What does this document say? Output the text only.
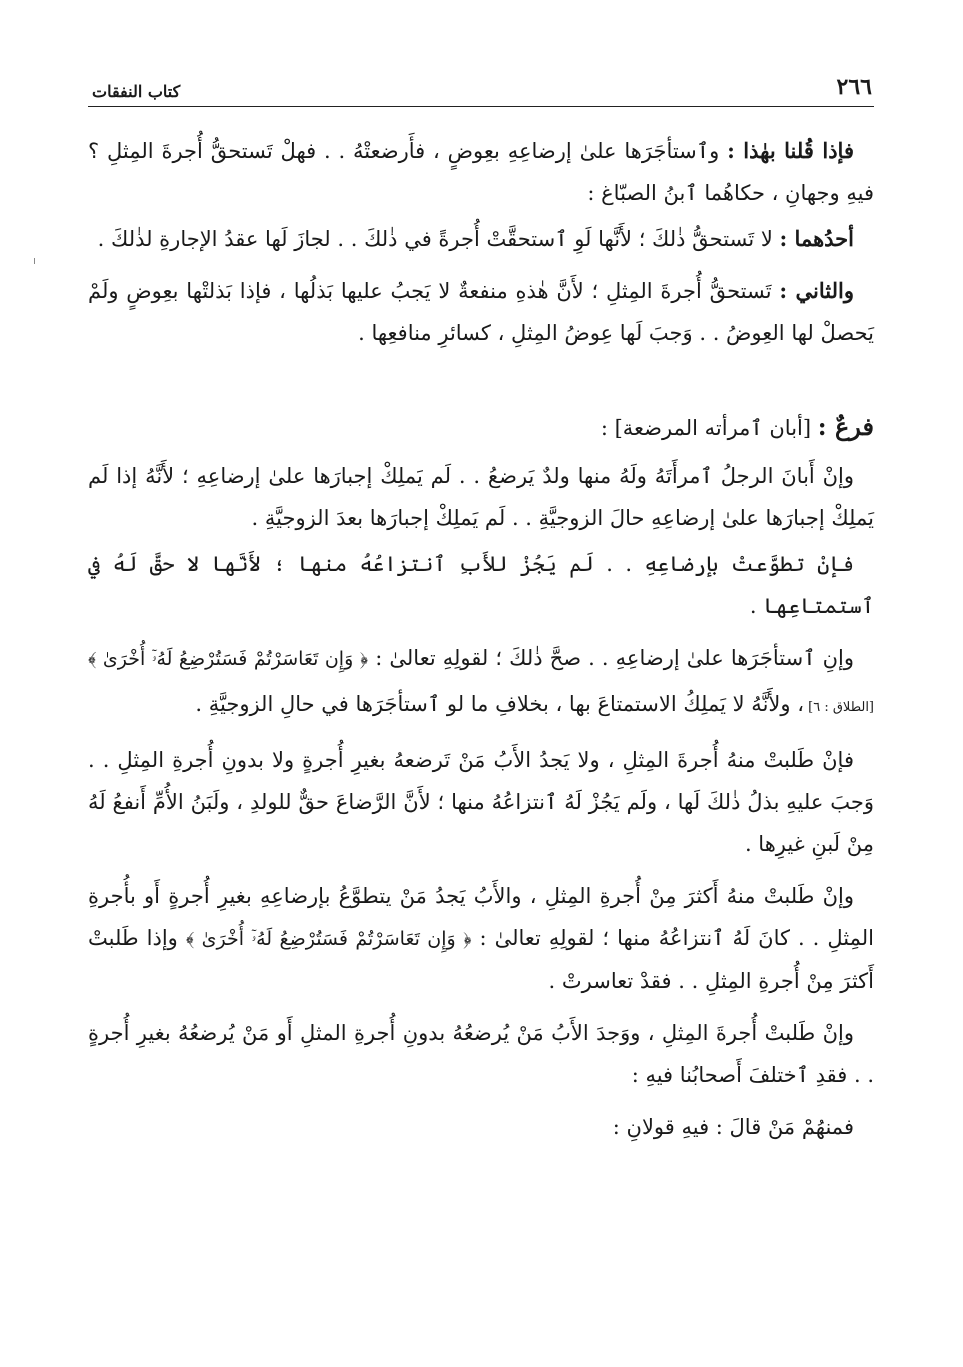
٢٦٦
كتاب النفقات

فإذا قُلنا بهٰذا : وٱستأجَرَها علىٰ إرضاعِهِ بعِوضٍ ، فأَرضعتْهُ . . فهلْ تَستحقُّ أُجرةَ المِثلِ ؟ فيهِ وجهانِ ، حكاهُما ٱبنُ الصبّاغ :

أحدُهما : لا تَستحقُّ ذٰلكَ ؛ لأَنَّها لَوِ ٱستحقَّتْ أُجرةً في ذٰلكَ . . لجازَ لَها عقدُ الإجارةِ لذٰلكَ .

والثاني : تَستحقُّ أُجرةَ المِثلِ ؛ لأَنَّ هٰذهِ منفعةٌ لا يَجبُ عليها بَذلُها ، فإذا بَذلتْها بعِوضٍ ولَمْ يَحصلْ لها العِوضُ . . وَجبَ لَها عِوضُ المِثلِ ، كسائرِ منافعِها .

فرعٌ : [أبان ٱمرأته المرضعة] :

وإنْ أَبانَ الرجلُ ٱمرأَتَهُ ولَهُ منها ولدٌ يَرضعُ . . لَم يَملِكْ إجبارَها علىٰ إرضاعِهِ ؛ لأَنَّهُ إذا لَم يَملِكْ إجبارَها علىٰ إرضاعِهِ حالَ الزوجيَّةِ . . لَم يَملِكْ إجبارَها بعدَ الزوجيَّةِ .

فإنْ تطوَّعتْ بإرضاعِهِ . . لَم يَجُزْ للأَبِ ٱنتزاعُهُ منها ؛ لأَنَّها لا حقَّ لَهُ في ٱستمتاعِها .

وإنِ ٱستأجَرَها علىٰ إرضاعِهِ . . صحَّ ذٰلكَ ؛ لقولِهِ تعالىٰ : ﴿ وَإِن تَعَاسَرْتُمْ فَسَتُرْضِعُ لَهُۥٓ أُخْرَىٰ ﴾ [الطلاق : ٦] ، ولأَنَّهُ لا يَملِكُ الاستمتاعَ بها ، بخلافِ ما لو ٱستأجَرَها في حالِ الزوجيَّةِ .

فإنْ طَلبتْ منهُ أُجرةَ المِثلِ ، ولا يَجدُ الأَبُ مَنْ تَرضعهُ بغيرِ أُجرةٍ ولا بدونِ أُجرةِ المِثلِ . . وَجبَ عليهِ بذلُ ذٰلكَ لَها ، ولَم يَجُزْ لَهُ ٱنتزاعُهُ منها ؛ لأَنَّ الرَّضاعَ حقٌّ للولدِ ، ولَبَنُ الأُمِّ أَنفعُ لَهُ مِنْ لَبنِ غيرِها .

وإنْ طَلبتْ منهُ أَكثرَ مِنْ أُجرةِ المِثلِ ، والأَبُ يَجدُ مَنْ يتطوَّعُ بإرضاعِهِ بغيرِ أُجرةٍ أَو بأُجرةِ المِثلِ . . كانَ لَهُ ٱنتزاعُهُ منها ؛ لقولِهِ تعالىٰ : ﴿ وَإِن تَعَاسَرْتُمْ فَسَتُرْضِعُ لَهُۥٓ أُخْرَىٰ ﴾ وإذا طَلبتْ أَكثرَ مِنْ أُجرةِ المِثلِ . . فقدْ تعاسرتْ .

وإنْ طَلبتْ أُجرةَ المِثلِ ، ووَجدَ الأَبُ مَنْ يُرضعُهُ بدونِ أُجرةِ المثلِ أَو مَنْ يُرضعُهُ بغيرِ أُجرةٍ . . فقدِ ٱختلفَ أَصحابُنا فيهِ :

فمنهُمْ مَنْ قالَ : فيهِ قولانِ :
